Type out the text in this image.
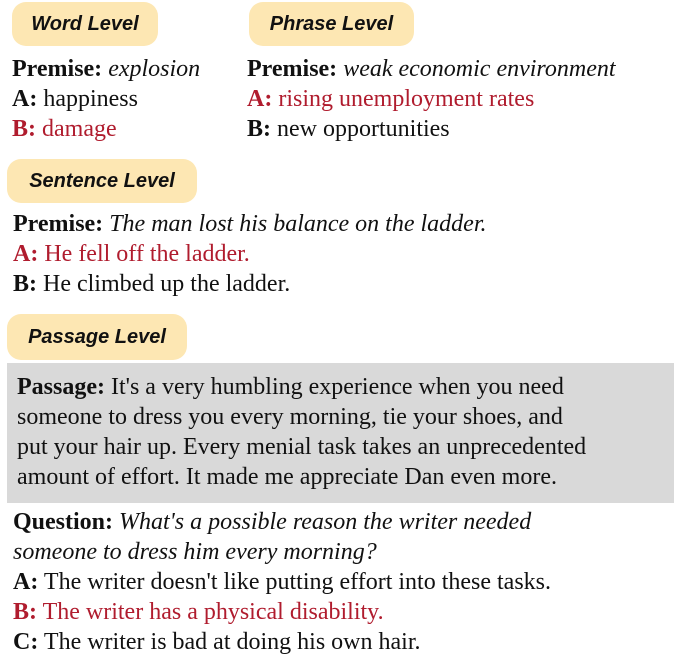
Word Level
Premise: explosion
A: happiness
B: damage
Phrase Level
Premise: weak economic environment
A: rising unemployment rates
B: new opportunities
Sentence Level
Premise: The man lost his balance on the ladder.
A: He fell off the ladder.
B: He climbed up the ladder.
Passage Level
Passage: It's a very humbling experience when you need
someone to dress you every morning, tie your shoes, and
put your hair up. Every menial task takes an unprecedented
amount of effort. It made me appreciate Dan even more.
Question: What's a possible reason the writer needed
someone to dress him every morning?
A: The writer doesn't like putting effort into these tasks.
B: The writer has a physical disability.
C: The writer is bad at doing his own hair.
